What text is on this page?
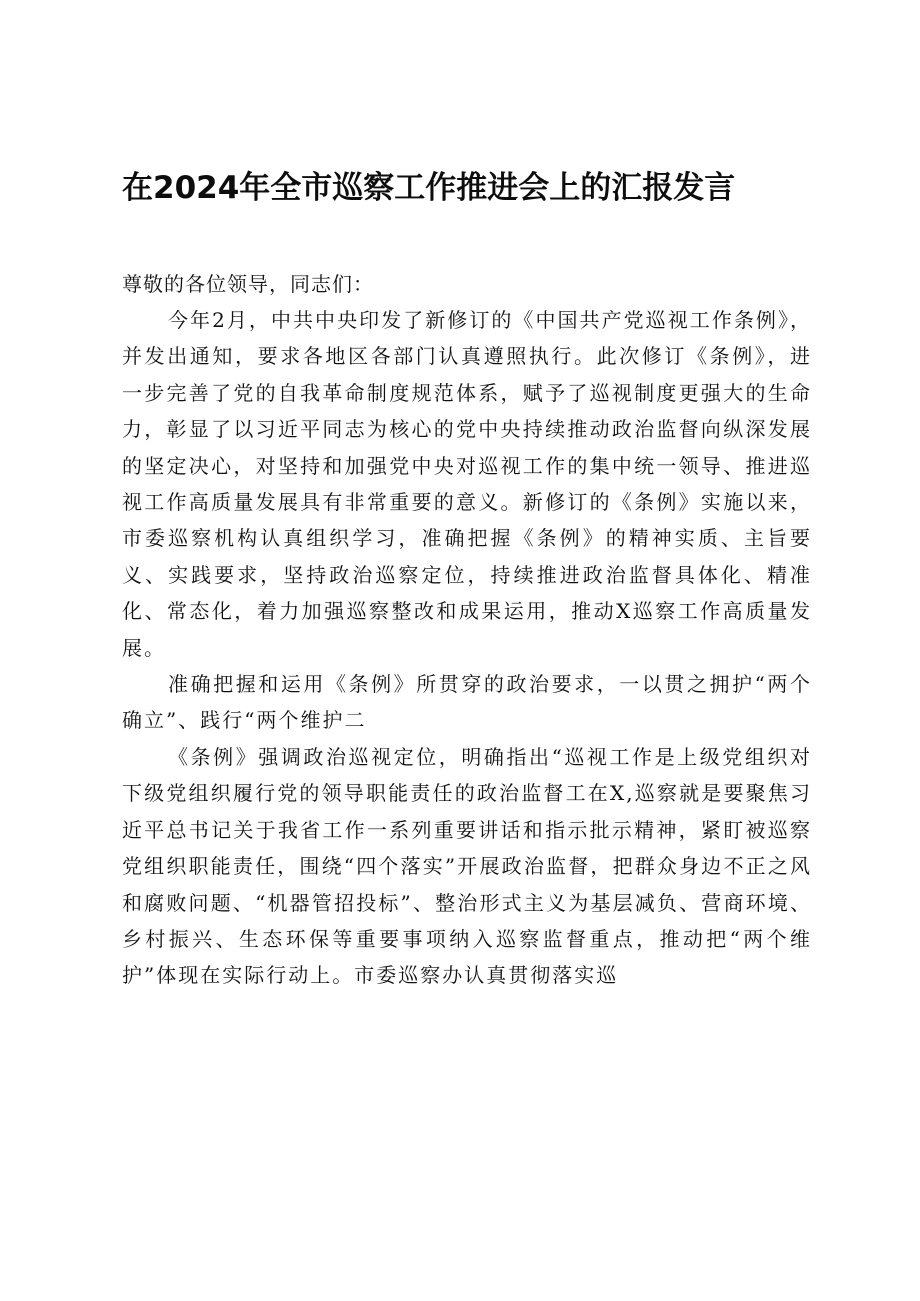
在2024年全市巡察工作推进会上的汇报发言

尊敬的各位领导，同志们：

今年2月，中共中央印发了新修订的《中国共产党巡视工作条例》，并发出通知，要求各地区各部门认真遵照执行。此次修订《条例》，进一步完善了党的自我革命制度规范体系，赋予了巡视制度更强大的生命力，彰显了以习近平同志为核心的党中央持续推动政治监督向纵深发展的坚定决心，对坚持和加强党中央对巡视工作的集中统一领导、推进巡视工作高质量发展具有非常重要的意义。新修订的《条例》实施以来，市委巡察机构认真组织学习，准确把握《条例》的精神实质、主旨要义、实践要求，坚持政治巡察定位，持续推进政治监督具体化、精准化、常态化，着力加强巡察整改和成果运用，推动X巡察工作高质量发展。

准确把握和运用《条例》所贯穿的政治要求，一以贯之拥护“两个确立”、践行“两个维护二

《条例》强调政治巡视定位，明确指出“巡视工作是上级党组织对下级党组织履行党的领导职能责任的政治监督工在X,巡察就是要聚焦习近平总书记关于我省工作一系列重要讲话和指示批示精神，紧盯被巡察党组织职能责任，围绕“四个落实”开展政治监督，把群众身边不正之风和腐败问题、“机器管招投标”、整治形式主义为基层减负、营商环境、乡村振兴、生态环保等重要事项纳入巡察监督重点，推动把“两个维护”体现在实际行动上。市委巡察办认真贯彻落实巡
